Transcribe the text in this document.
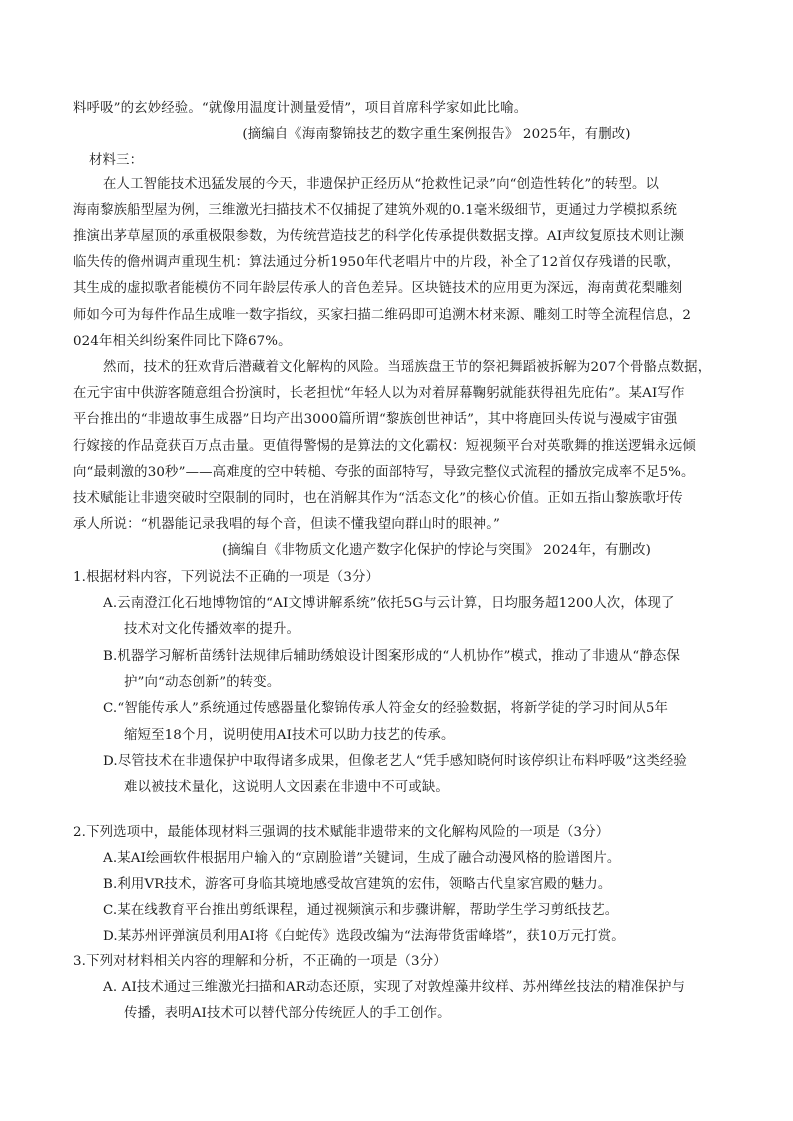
料呼吸”的玄妙经验。“就像用温度计测量爱情”，项目首席科学家如此比喻。
(摘编自《海南黎锦技艺的数字重生案例报告》 2025年，有删改)
材料三：
在人工智能技术迅猛发展的今天，非遗保护正经历从“抢救性记录”向“创造性转化”的转型。以
海南黎族船型屋为例，三维激光扫描技术不仅捕捉了建筑外观的0.1毫米级细节，更通过力学模拟系统
推演出茅草屋顶的承重极限参数，为传统营造技艺的科学化传承提供数据支撑。AI声纹复原技术则让濒
临失传的儋州调声重现生机：算法通过分析1950年代老唱片中的片段，补全了12首仅存残谱的民歌，
其生成的虚拟歌者能模仿不同年龄层传承人的音色差异。区块链技术的应用更为深远，海南黄花梨雕刻
师如今可为每件作品生成唯一数字指纹，买家扫描二维码即可追溯木材来源、雕刻工时等全流程信息，2
024年相关纠纷案件同比下降67%。
然而，技术的狂欢背后潜藏着文化解构的风险。当瑶族盘王节的祭祀舞蹈被拆解为207个骨骼点数据，
在元宇宙中供游客随意组合扮演时，长老担忧“年轻人以为对着屏幕鞠躬就能获得祖先庇佑”。某AI写作
平台推出的“非遗故事生成器”日均产出3000篇所谓“黎族创世神话”，其中将鹿回头传说与漫威宇宙强
行嫁接的作品竟获百万点击量。更值得警惕的是算法的文化霸权：短视频平台对英歌舞的推送逻辑永远倾
向“最刺激的30秒”——高难度的空中转槌、夸张的面部特写，导致完整仪式流程的播放完成率不足5%。
技术赋能让非遗突破时空限制的同时，也在消解其作为“活态文化”的核心价值。正如五指山黎族歌圩传
承人所说：“机器能记录我唱的每个音，但读不懂我望向群山时的眼神。”
(摘编自《非物质文化遗产数字化保护的悖论与突围》 2024年，有删改)
1.根据材料内容，下列说法不正确的一项是（3分）
A.云南澄江化石地博物馆的“AI文博讲解系统”依托5G与云计算，日均服务超1200人次，体现了
技术对文化传播效率的提升。
B.机器学习解析苗绣针法规律后辅助绣娘设计图案形成的“人机协作”模式，推动了非遗从“静态保
护”向“动态创新”的转变。
C.“智能传承人”系统通过传感器量化黎锦传承人符金女的经验数据，将新学徒的学习时间从5年
缩短至18个月，说明使用AI技术可以助力技艺的传承。
D.尽管技术在非遗保护中取得诸多成果，但像老艺人“凭手感知晓何时该停织让布料呼吸”这类经验
难以被技术量化，这说明人文因素在非遗中不可或缺。
2.下列选项中，最能体现材料三强调的技术赋能非遗带来的文化解构风险的一项是（3分）
A.某AI绘画软件根据用户输入的“京剧脸谱”关键词，生成了融合动漫风格的脸谱图片。
B.利用VR技术，游客可身临其境地感受故宫建筑的宏伟，领略古代皇家宫殿的魅力。
C.某在线教育平台推出剪纸课程，通过视频演示和步骤讲解，帮助学生学习剪纸技艺。
D.某苏州评弹演员利用AI将《白蛇传》选段改编为“法海带货雷峰塔”，获10万元打赏。
3.下列对材料相关内容的理解和分析，不正确的一项是（3分）
A. AI技术通过三维激光扫描和AR动态还原，实现了对敦煌藻井纹样、苏州缂丝技法的精准保护与
传播，表明AI技术可以替代部分传统匠人的手工创作。
